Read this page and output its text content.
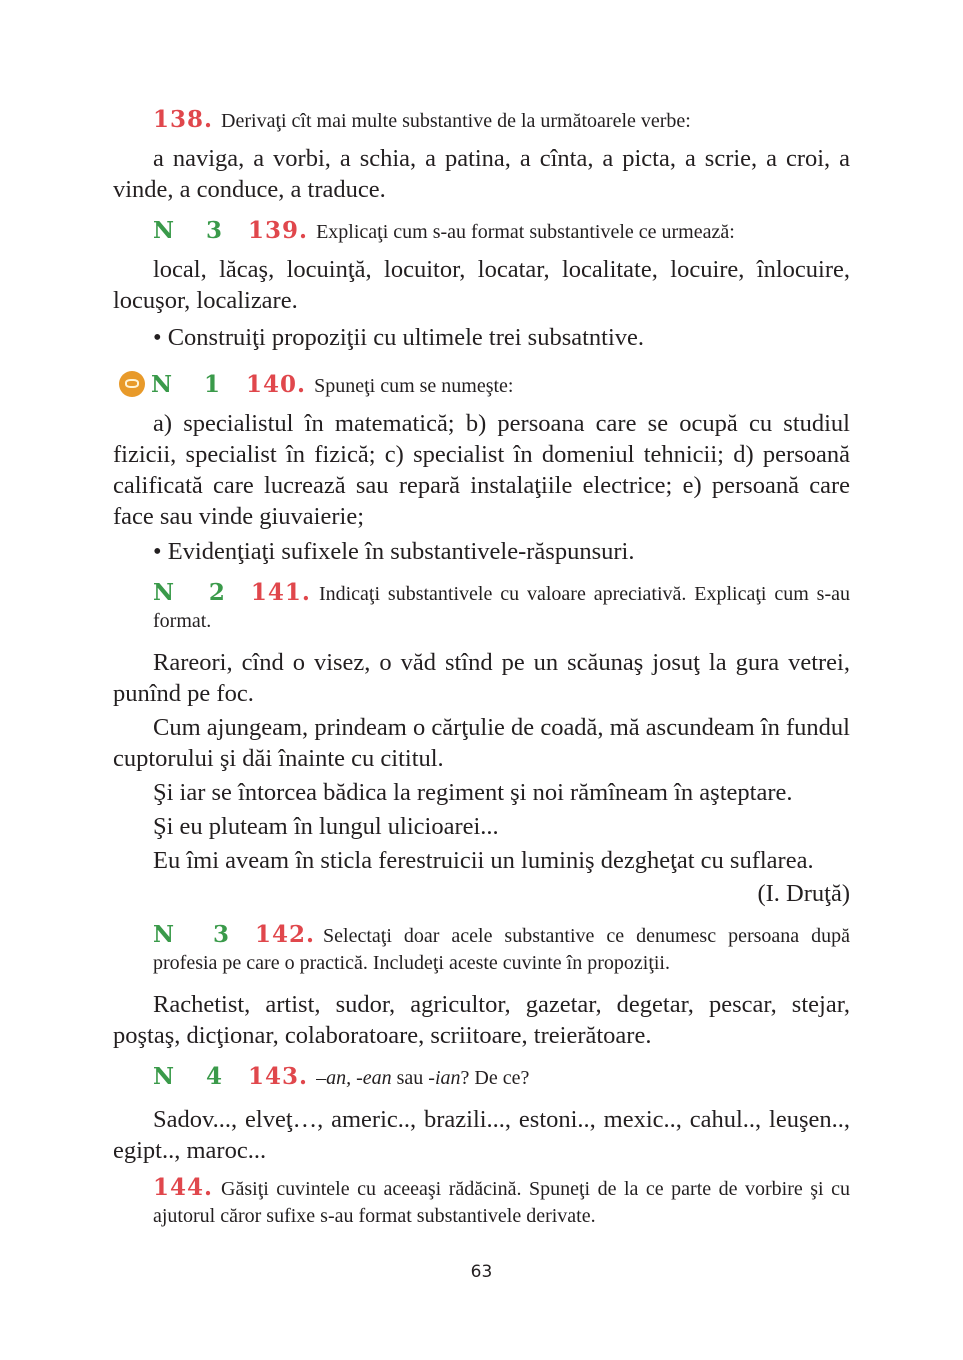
138. Derivaţi cît mai multe substantive de la următoarele verbe:

a naviga, a vorbi, a schia, a patina, a cînta, a picta, a scrie, a croi, a vinde, a conduce, a traduce.

N 3 139. Explicaţi cum s-au format substantivele ce urmează:

local, lăcaş, locuinţă, locuitor, locatar, localitate, locuire, înlocuire, locuşor, localizare.

• Construiţi propoziţii cu ultimele trei subsatntive.
N 1 140. Spuneţi cum se numeşte:

a) specialistul în matematică; b) persoana care se ocupă cu studiul fizicii, specialist în fizică; c) specialist în domeniul tehnicii; d) persoană calificată care lucrează sau repară instalaţiile electrice; e) persoană care face sau vinde giuvaierie;

• Evidenţiaţi sufixele în substantivele-răspunsuri.
N 2 141. Indicaţi substantivele cu valoare apreciativă. Explicaţi cum s-au format.

Rareori, cînd o visez, o văd stînd pe un scăunaş josuţ la gura vetrei, punînd pe foc.

Cum ajungeam, prindeam o cărţulie de coadă, mă ascundeam în fundul cuptorului şi dăi înainte cu cititul.

Şi iar se întorcea bădica la regiment şi noi rămîneam în aşteptare.

Şi eu pluteam în lungul ulicioarei...

Eu îmi aveam în sticla ferestruicii un luminiş dezgheţat cu suflarea.

(I. Druţă)
N 3 142. Selectaţi doar acele substantive ce denumesc persoana după profesia pe care o practică. Includeţi aceste cuvinte în propoziţii.

Rachetist, artist, sudor, agricultor, gazetar, degetar, pescar, stejar, poştaş, dicţionar, colaboratoare, scriitoare, treierătoare.

N 4 143. –an, -ean sau -ian? De ce?

Sadov..., elveţ…, americ.., brazili..., estoni.., mexic.., cahul.., leuşen.., egipt.., maroc...

144. Găsiţi cuvintele cu aceeaşi rădăcină. Spuneţi de la ce parte de vorbire şi cu ajutorul căror sufixe s-au format substantivele derivate.
63
